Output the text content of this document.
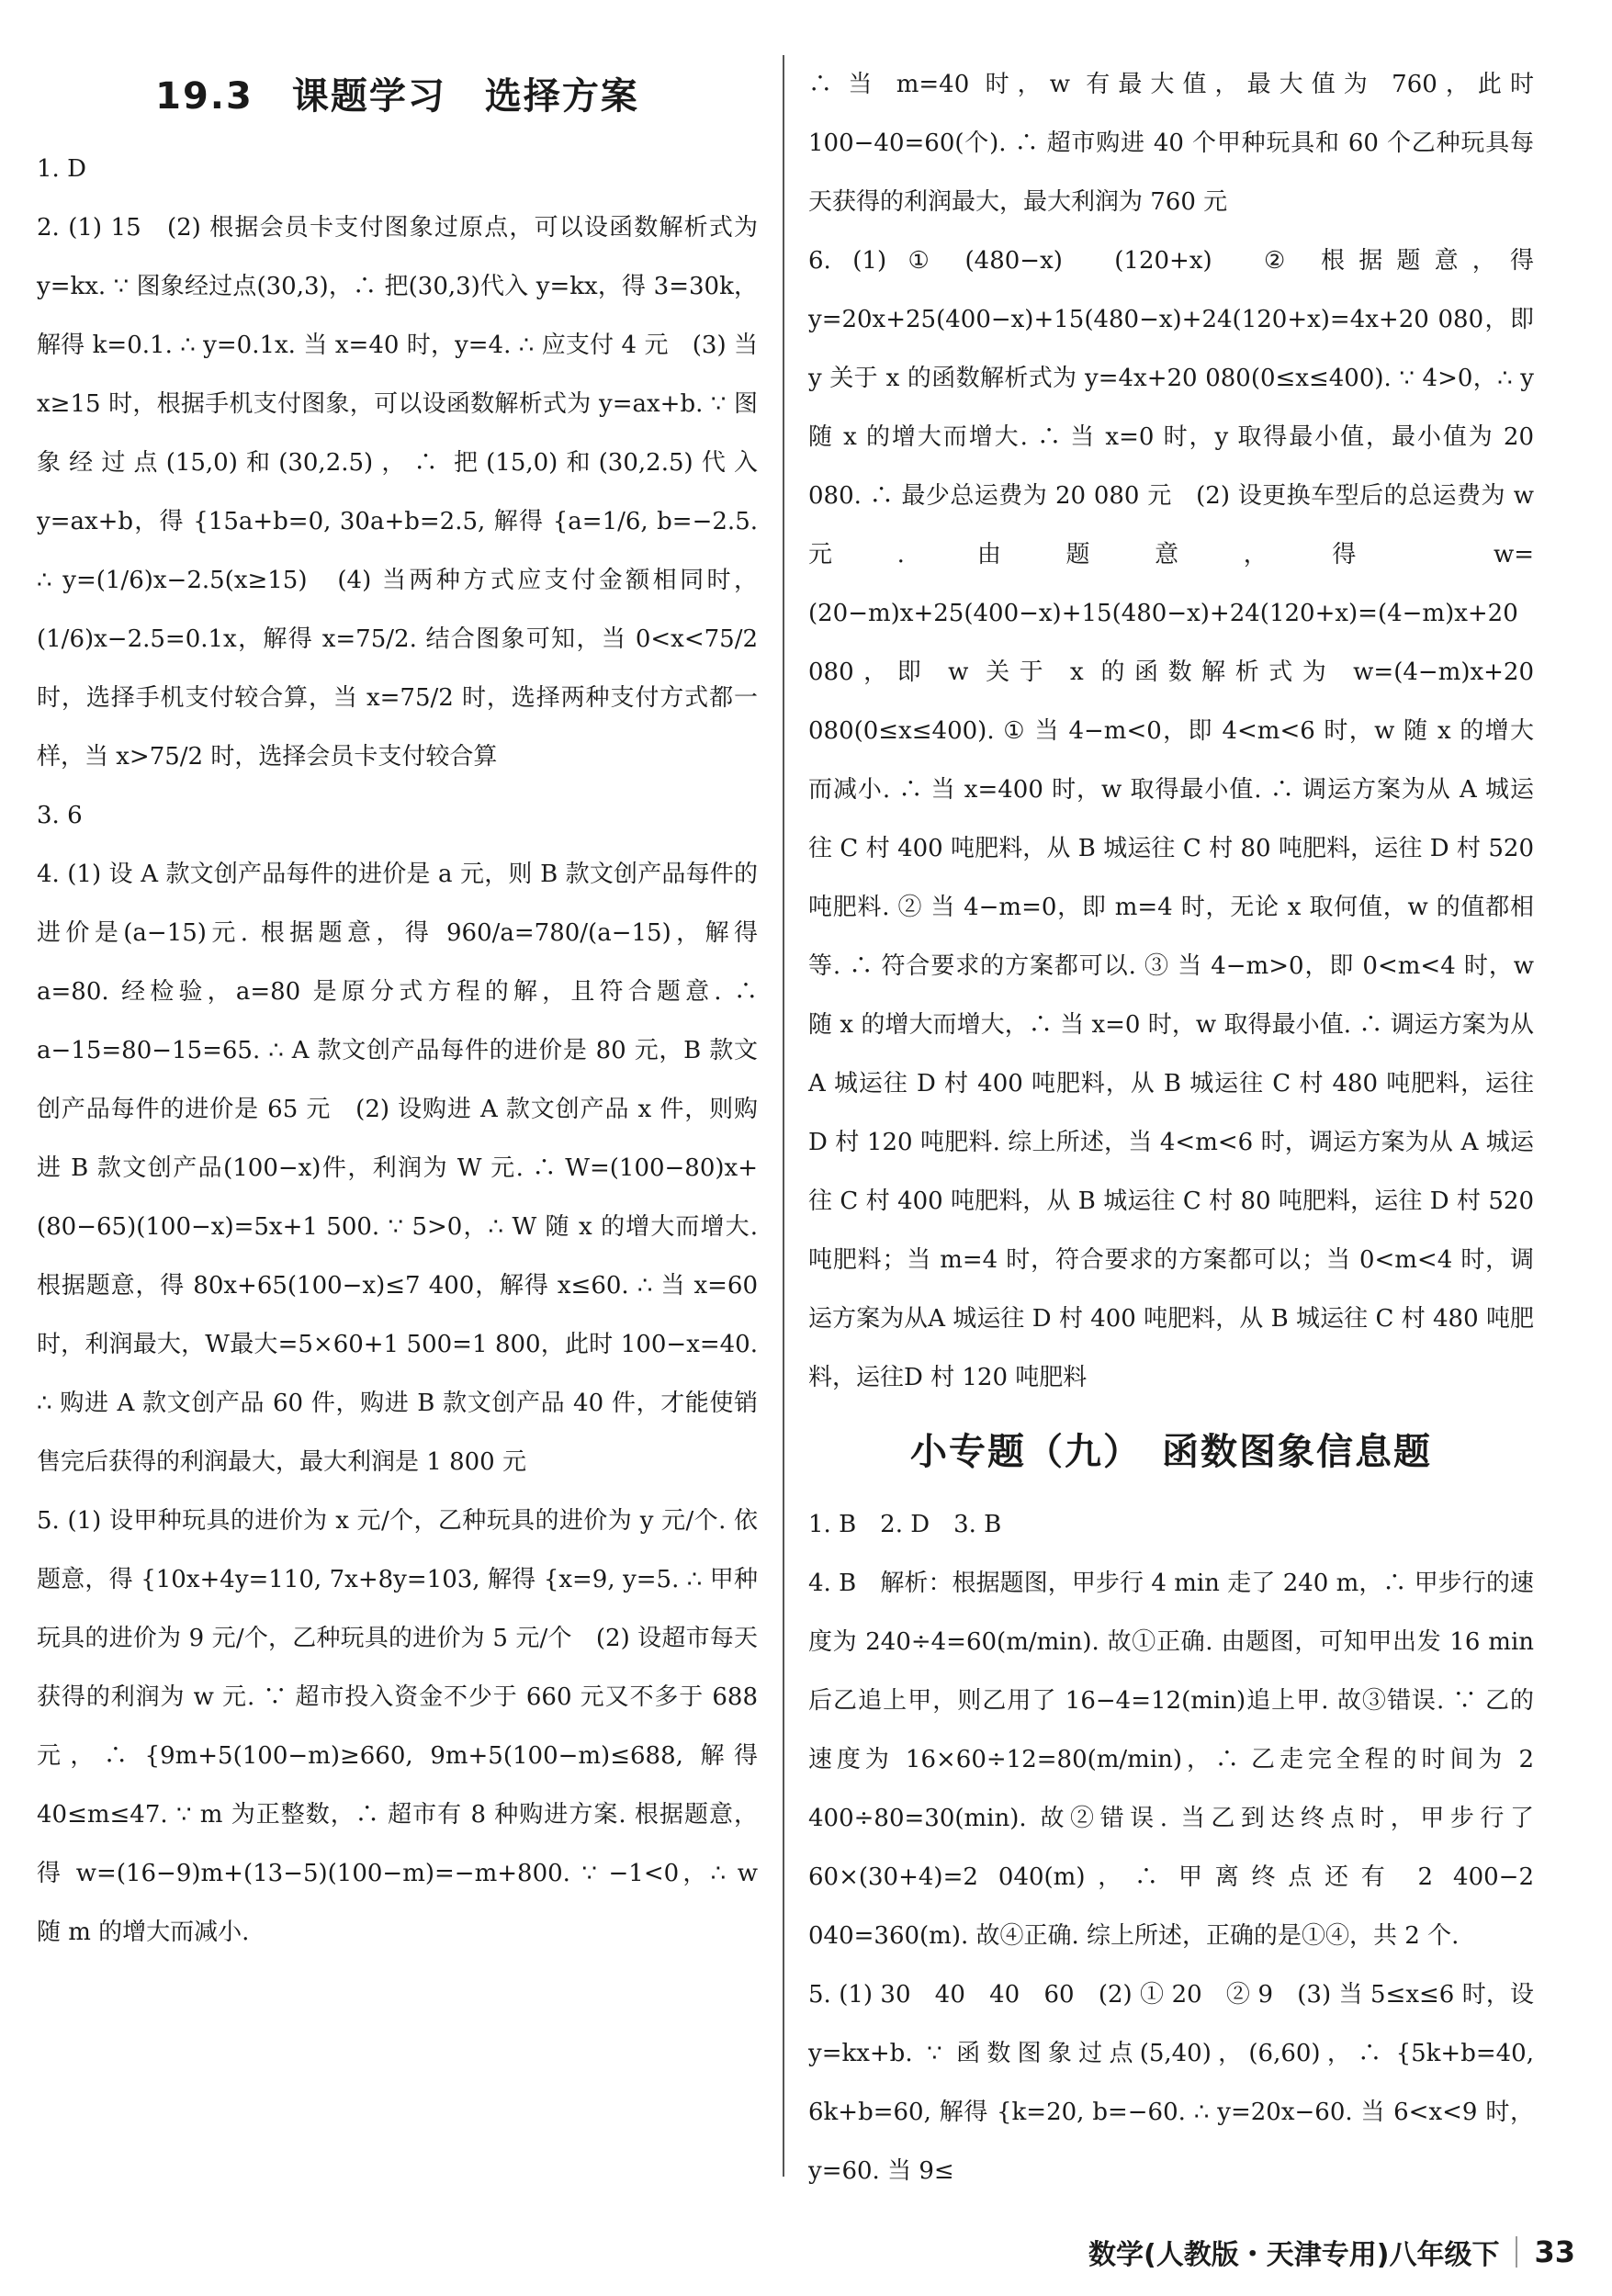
19.3　课题学习　选择方案

1. D

2. (1) 15　(2) 根据会员卡支付图象过原点，可以设函数解析式为 y=kx. ∵ 图象经过点(30,3)，∴ 把(30,3)代入 y=kx，得 3=30k，解得 k=0.1. ∴ y=0.1x. 当 x=40 时，y=4. ∴ 应支付 4 元　(3) 当 x≥15 时，根据手机支付图象，可以设函数解析式为 y=ax+b. ∵ 图象经过点(15,0)和(30,2.5)，∴ 把(15,0)和(30,2.5)代入 y=ax+b，得 {15a+b=0, 30a+b=2.5, 解得 {a=1/6, b=−2.5. ∴ y=(1/6)x−2.5(x≥15)　(4) 当两种方式应支付金额相同时，(1/6)x−2.5=0.1x，解得 x=75/2. 结合图象可知，当 0<x<75/2 时，选择手机支付较合算，当 x=75/2 时，选择两种支付方式都一样，当 x>75/2 时，选择会员卡支付较合算

3. 6

4. (1) 设 A 款文创产品每件的进价是 a 元，则 B 款文创产品每件的进价是(a−15)元. 根据题意，得 960/a=780/(a−15)，解得 a=80. 经检验，a=80 是原分式方程的解，且符合题意. ∴ a−15=80−15=65. ∴ A 款文创产品每件的进价是 80 元，B 款文创产品每件的进价是 65 元　(2) 设购进 A 款文创产品 x 件，则购进 B 款文创产品(100−x)件，利润为 W 元. ∴ W=(100−80)x+(80−65)(100−x)=5x+1 500. ∵ 5>0，∴ W 随 x 的增大而增大. 根据题意，得 80x+65(100−x)≤7 400，解得 x≤60. ∴ 当 x=60 时，利润最大，W最大=5×60+1 500=1 800，此时 100−x=40. ∴ 购进 A 款文创产品 60 件，购进 B 款文创产品 40 件，才能使销售完后获得的利润最大，最大利润是 1 800 元

5. (1) 设甲种玩具的进价为 x 元/个，乙种玩具的进价为 y 元/个. 依题意，得 {10x+4y=110, 7x+8y=103, 解得 {x=9, y=5. ∴ 甲种玩具的进价为 9 元/个，乙种玩具的进价为 5 元/个　(2) 设超市每天获得的利润为 w 元. ∵ 超市投入资金不少于 660 元又不多于 688 元，∴ {9m+5(100−m)≥660, 9m+5(100−m)≤688, 解得 40≤m≤47. ∵ m 为正整数，∴ 超市有 8 种购进方案. 根据题意，得 w=(16−9)m+(13−5)(100−m)=−m+800. ∵ −1<0，∴ w 随 m 的增大而减小.

∴ 当 m=40 时，w 有最大值，最大值为 760，此时 100−40=60(个). ∴ 超市购进 40 个甲种玩具和 60 个乙种玩具每天获得的利润最大，最大利润为 760 元

6. (1) ① (480−x)　(120+x)　② 根据题意，得 y=20x+25(400−x)+15(480−x)+24(120+x)=4x+20 080，即 y 关于 x 的函数解析式为 y=4x+20 080(0≤x≤400). ∵ 4>0，∴ y 随 x 的增大而增大. ∴ 当 x=0 时，y 取得最小值，最小值为 20 080. ∴ 最少总运费为 20 080 元　(2) 设更换车型后的总运费为 w 元. 由题意，得 w=(20−m)x+25(400−x)+15(480−x)+24(120+x)=(4−m)x+20 080，即 w 关于 x 的函数解析式为 w=(4−m)x+20 080(0≤x≤400). ① 当 4−m<0，即 4<m<6 时，w 随 x 的增大而减小. ∴ 当 x=400 时，w 取得最小值. ∴ 调运方案为从 A 城运往 C 村 400 吨肥料，从 B 城运往 C 村 80 吨肥料，运往 D 村 520 吨肥料. ② 当 4−m=0，即 m=4 时，无论 x 取何值，w 的值都相等. ∴ 符合要求的方案都可以. ③ 当 4−m>0，即 0<m<4 时，w 随 x 的增大而增大，∴ 当 x=0 时，w 取得最小值. ∴ 调运方案为从 A 城运往 D 村 400 吨肥料，从 B 城运往 C 村 480 吨肥料，运往 D 村 120 吨肥料. 综上所述，当 4<m<6 时，调运方案为从 A 城运往 C 村 400 吨肥料，从 B 城运往 C 村 80 吨肥料，运往 D 村 520 吨肥料；当 m=4 时，符合要求的方案都可以；当 0<m<4 时，调运方案为从A 城运往 D 村 400 吨肥料，从 B 城运往 C 村 480 吨肥料，运往D 村 120 吨肥料

小专题（九）　函数图象信息题

1. B　2. D　3. B

4. B　解析：根据题图，甲步行 4 min 走了 240 m，∴ 甲步行的速度为 240÷4=60(m/min). 故①正确. 由题图，可知甲出发 16 min 后乙追上甲，则乙用了 16−4=12(min)追上甲. 故③错误. ∵ 乙的速度为 16×60÷12=80(m/min)，∴ 乙走完全程的时间为 2 400÷80=30(min). 故②错误. 当乙到达终点时，甲步行了 60×(30+4)=2 040(m)，∴ 甲离终点还有 2 400−2 040=360(m). 故④正确. 综上所述，正确的是①④，共 2 个.

5. (1) 30　40　40　60　(2) ① 20　② 9　(3) 当 5≤x≤6 时，设 y=kx+b. ∵ 函数图象过点(5,40)，(6,60)，∴ {5k+b=40, 6k+b=60, 解得 {k=20, b=−60. ∴ y=20x−60. 当 6<x<9 时，y=60. 当 9≤

数学(人教版・天津专用)八年级下 33
